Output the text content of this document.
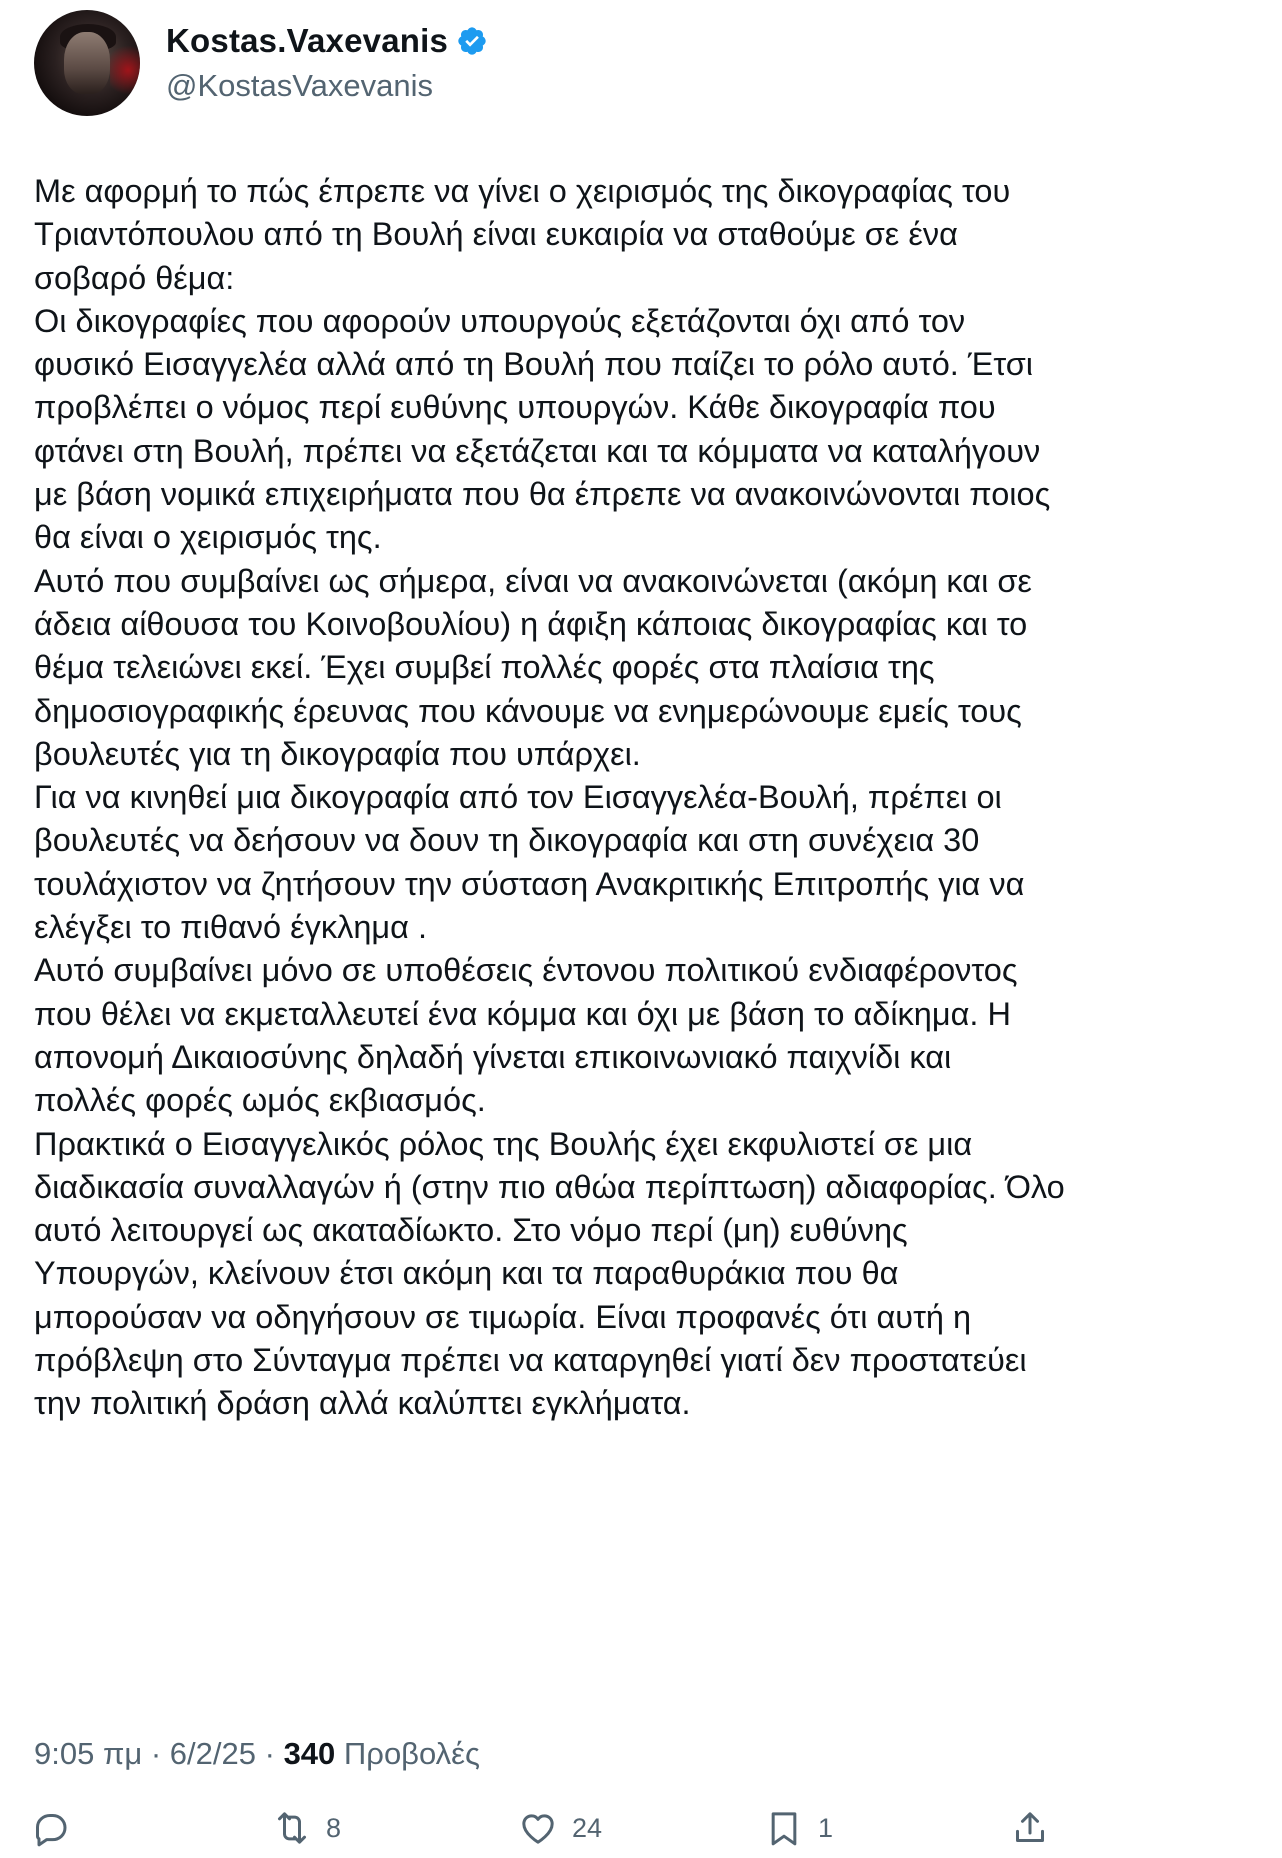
Kostas.Vaxevanis
@KostasVaxevanis
Με αφορμή το πώς έπρεπε να γίνει ο χειρισμός της δικογραφίας του
Τριαντόπουλου από τη Βουλή είναι ευκαιρία να σταθούμε σε ένα
σοβαρό θέμα:
Οι δικογραφίες που αφορούν υπουργούς εξετάζονται όχι από τον
φυσικό Εισαγγελέα αλλά από τη Βουλή που παίζει το ρόλο αυτό. Έτσι
προβλέπει ο νόμος περί ευθύνης υπουργών. Κάθε δικογραφία που
φτάνει στη Βουλή, πρέπει να εξετάζεται και τα κόμματα να καταλήγουν
με βάση νομικά επιχειρήματα που θα έπρεπε να ανακοινώνονται ποιος
θα είναι ο χειρισμός της.
Αυτό που συμβαίνει ως σήμερα, είναι να ανακοινώνεται (ακόμη και σε
άδεια αίθουσα του Κοινοβουλίου) η άφιξη κάποιας δικογραφίας και το
θέμα τελειώνει εκεί. Έχει συμβεί πολλές φορές στα πλαίσια της
δημοσιογραφικής έρευνας που κάνουμε να ενημερώνουμε εμείς τους
βουλευτές για τη δικογραφία που υπάρχει.
Για να κινηθεί μια δικογραφία από τον Εισαγγελέα-Βουλή, πρέπει οι
βουλευτές να δεήσουν να δουν τη δικογραφία και στη συνέχεια 30
τουλάχιστον να ζητήσουν την σύσταση Ανακριτικής Επιτροπής για να
ελέγξει το πιθανό έγκλημα .
Αυτό συμβαίνει μόνο σε υποθέσεις έντονου πολιτικού ενδιαφέροντος
που θέλει να εκμεταλλευτεί ένα κόμμα και όχι με βάση το αδίκημα. Η
απονομή Δικαιοσύνης δηλαδή γίνεται επικοινωνιακό παιχνίδι και
πολλές φορές ωμός εκβιασμός.
Πρακτικά ο Εισαγγελικός ρόλος της Βουλής έχει εκφυλιστεί σε μια
διαδικασία συναλλαγών ή (στην πιο αθώα περίπτωση) αδιαφορίας. Όλο
αυτό λειτουργεί ως ακαταδίωκτο. Στο νόμο περί (μη) ευθύνης
Υπουργών, κλείνουν έτσι ακόμη και τα παραθυράκια που θα
μπορούσαν να οδηγήσουν σε τιμωρία. Είναι προφανές ότι αυτή η
πρόβλεψη στο Σύνταγμα πρέπει να καταργηθεί γιατί δεν προστατεύει
την πολιτική δράση αλλά καλύπτει εγκλήματα.
9:05 πμ · 6/2/25 · 340 Προβολές
8	24	1
